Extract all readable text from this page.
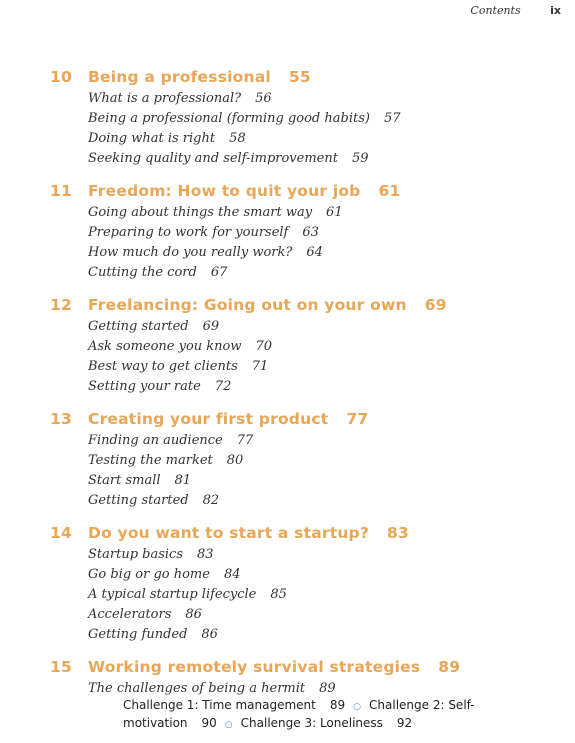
Contents	ix
10 Being a professional 55
What is a professional? 56
Being a professional (forming good habits) 57
Doing what is right 58
Seeking quality and self-improvement 59
11 Freedom: How to quit your job 61
Going about things the smart way 61
Preparing to work for yourself 63
How much do you really work? 64
Cutting the cord 67
12 Freelancing: Going out on your own 69
Getting started 69
Ask someone you know 70
Best way to get clients 71
Setting your rate 72
13 Creating your first product 77
Finding an audience 77
Testing the market 80
Start small 81
Getting started 82
14 Do you want to start a startup? 83
Startup basics 83
Go big or go home 84
A typical startup lifecycle 85
Accelerators 86
Getting funded 86
15 Working remotely survival strategies 89
The challenges of being a hermit 89
Challenge 1: Time management 89 ○ Challenge 2: Self-motivation 90 ○ Challenge 3: Loneliness 92
